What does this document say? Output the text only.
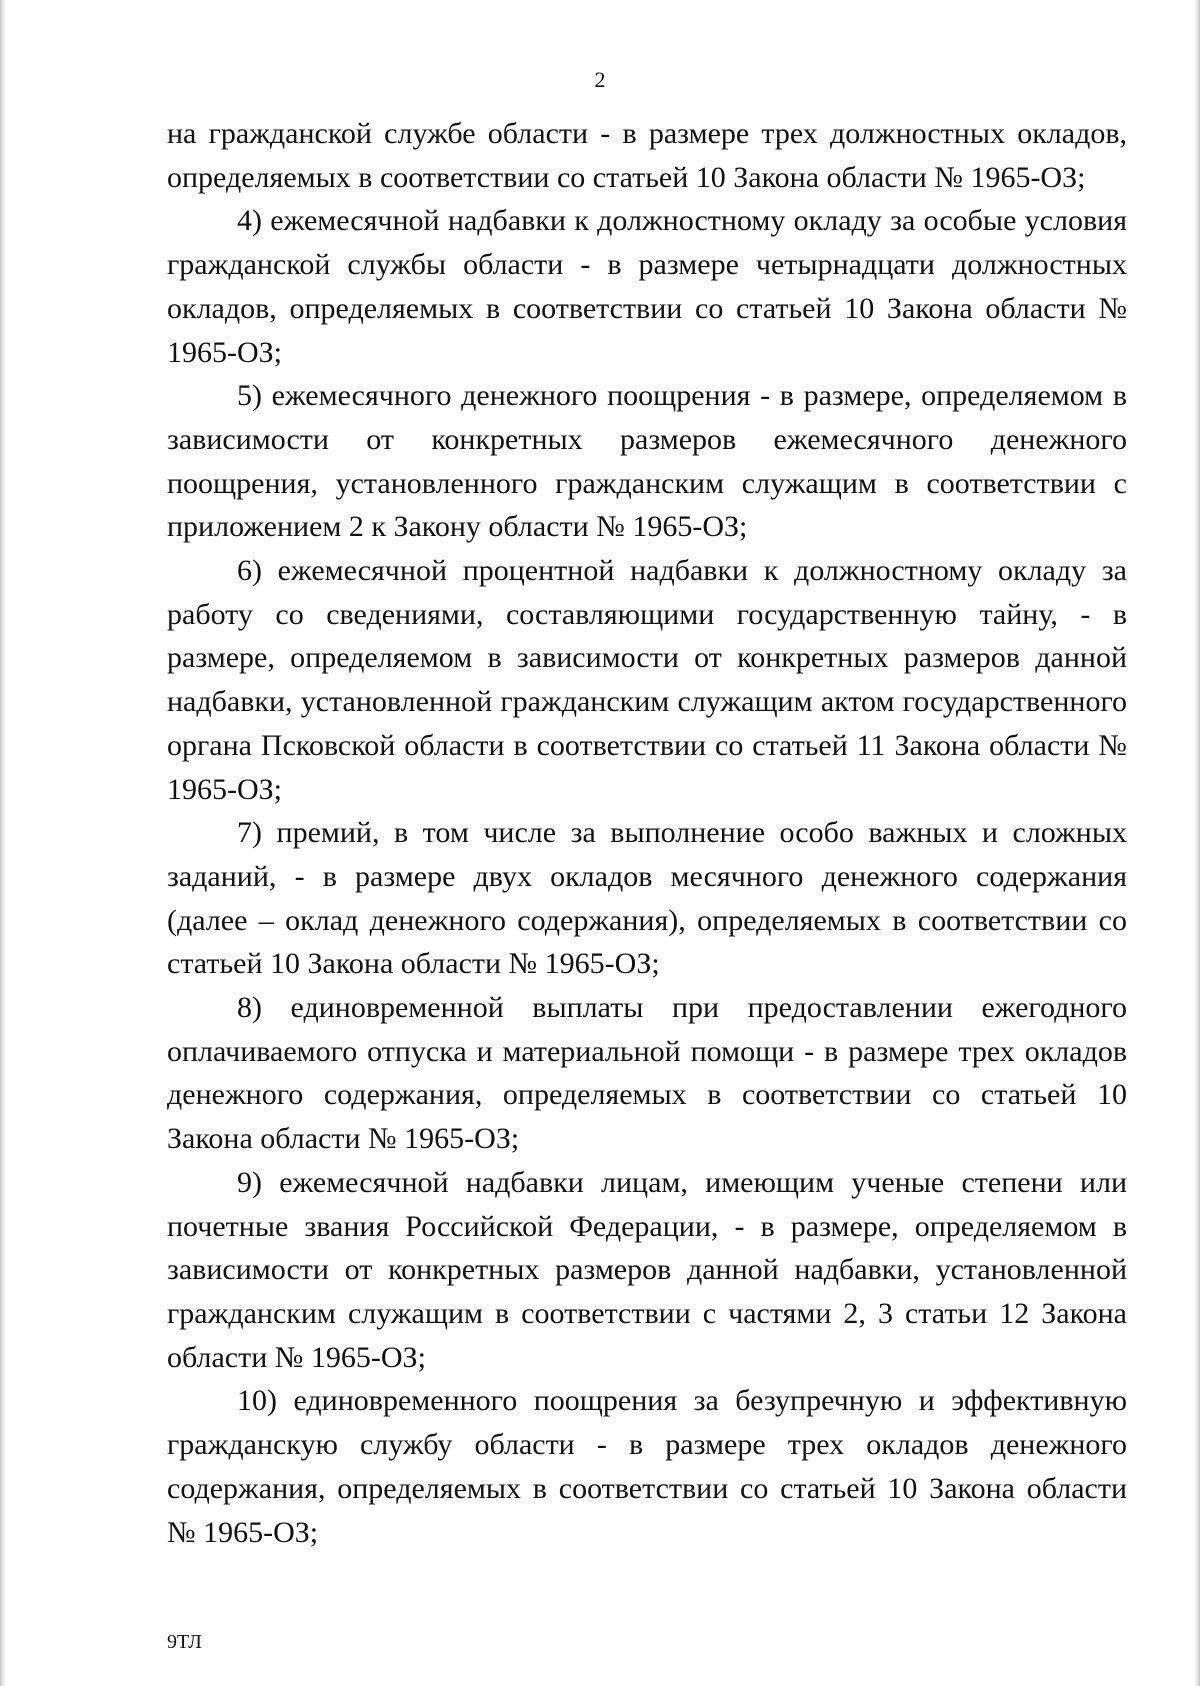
2

на гражданской службе области - в размере трех должностных окладов, определяемых в соответствии со статьей 10 Закона области № 1965-ОЗ;

4) ежемесячной надбавки к должностному окладу за особые условия гражданской службы области - в размере четырнадцати должностных окладов, определяемых в соответствии со статьей 10 Закона области № 1965-ОЗ;

5) ежемесячного денежного поощрения - в размере, определяемом в зависимости от конкретных размеров ежемесячного денежного поощрения, установленного гражданским служащим в соответствии с приложением 2 к Закону области № 1965-ОЗ;

6) ежемесячной процентной надбавки к должностному окладу за работу со сведениями, составляющими государственную тайну, - в размере, определяемом в зависимости от конкретных размеров данной надбавки, установленной гражданским служащим актом государственного органа Псковской области в соответствии со статьей 11 Закона области № 1965-ОЗ;

7) премий, в том числе за выполнение особо важных и сложных заданий, - в размере двух окладов месячного денежного содержания (далее – оклад денежного содержания), определяемых в соответствии со статьей 10 Закона области № 1965-ОЗ;

8) единовременной выплаты при предоставлении ежегодного оплачиваемого отпуска и материальной помощи - в размере трех окладов денежного содержания, определяемых в соответствии со статьей 10 Закона области № 1965-ОЗ;

9) ежемесячной надбавки лицам, имеющим ученые степени или почетные звания Российской Федерации, - в размере, определяемом в зависимости от конкретных размеров данной надбавки, установленной гражданским служащим в соответствии с частями 2, 3 статьи 12 Закона области № 1965-ОЗ;

10) единовременного поощрения за безупречную и эффективную гражданскую службу области - в размере трех окладов денежного содержания, определяемых в соответствии со статьей 10 Закона области № 1965-ОЗ;

9ТЛ
